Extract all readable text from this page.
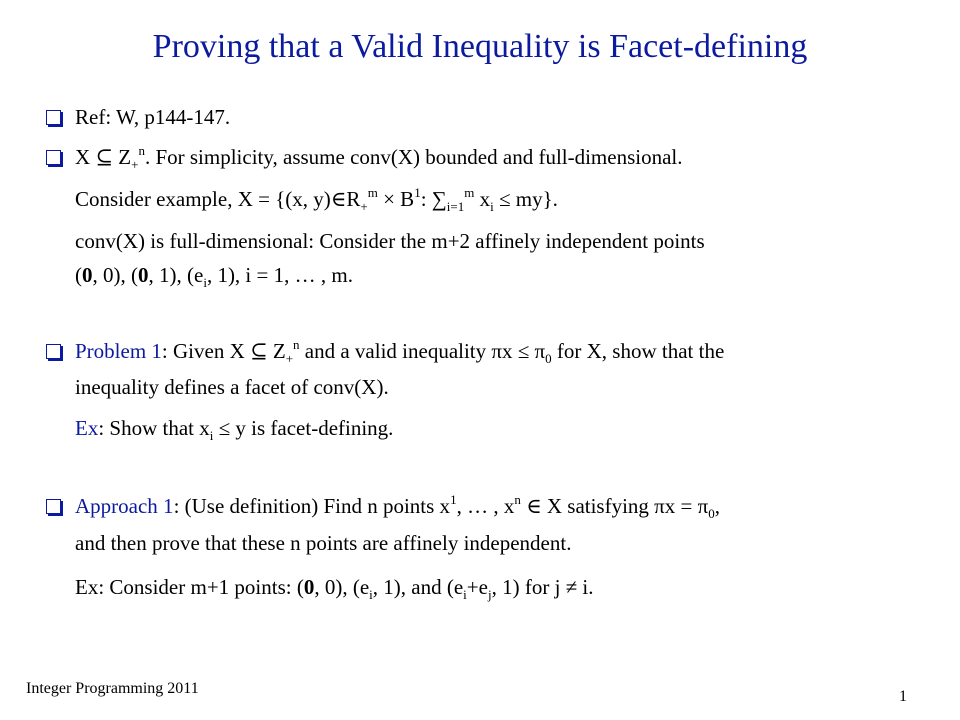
Proving that a Valid Inequality is Facet-defining
Ref: W, p144-147.
X ⊆ $Z_+^n$. For simplicity, assume conv(X) bounded and full-dimensional.
Consider example, X = {(x, $y)\in R_+^m \times B^1$: $\sum_{i=1}^m$ $x_i \le my$}.
conv(X) is full-dimensional: Consider the m+2 affinely independent points
(0, 0), (0, 1), ($e_i$, 1), i = 1, … , m.
Problem 1: Given X ⊆ $Z_+^n$ and a valid inequality $\pi x \le \pi_0$ for X, show that the
inequality defines a facet of conv(X).
Ex: Show that $x_i \le y$ is facet-defining.
Approach 1: (Use definition) Find n points $x^1$, … , $x^n$ ∈ X satisfying $\pi x = \pi_0$,
and then prove that these n points are affinely independent.
Ex: Consider m+1 points: (0, 0), ($e_i$, 1), and ($e_i+e_j$, 1) for j ≠ i.
Integer Programming 2011	1
